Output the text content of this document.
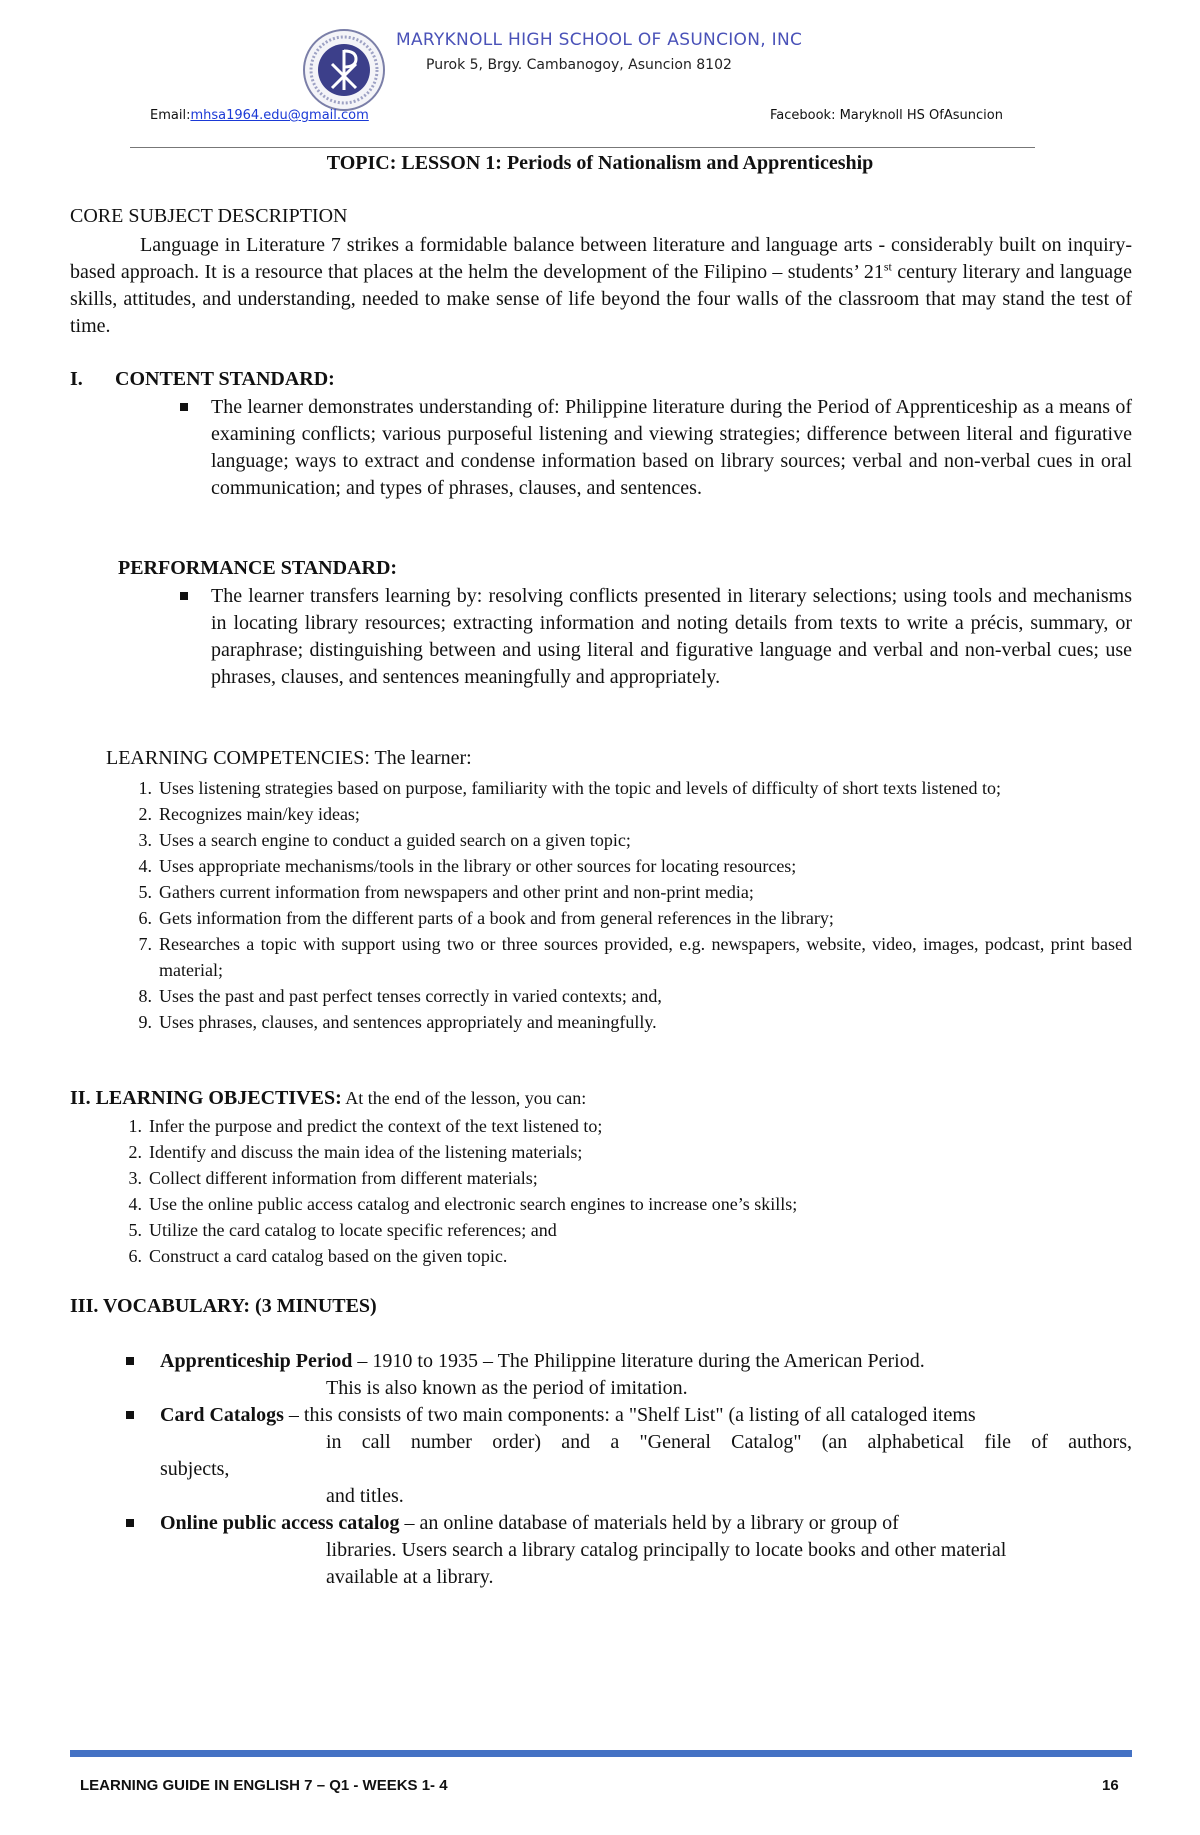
MARYKNOLL HIGH SCHOOL OF ASUNCION, INC
Purok 5, Brgy. Cambanogoy, Asuncion 8102
Email:mhsa1964.edu@gmail.com	Facebook: Maryknoll HS OfAsuncion
TOPIC: LESSON 1: Periods of Nationalism and Apprenticeship
CORE SUBJECT DESCRIPTION
Language in Literature 7 strikes a formidable balance between literature and language arts - considerably built on inquiry-based approach. It is a resource that places at the helm the development of the Filipino – students’ 21st century literary and language skills, attitudes, and understanding, needed to make sense of life beyond the four walls of the classroom that may stand the test of time.
I. CONTENT STANDARD:
The learner demonstrates understanding of: Philippine literature during the Period of Apprenticeship as a means of examining conflicts; various purposeful listening and viewing strategies; difference between literal and figurative language; ways to extract and condense information based on library sources; verbal and non-verbal cues in oral communication; and types of phrases, clauses, and sentences.
PERFORMANCE STANDARD:
The learner transfers learning by: resolving conflicts presented in literary selections; using tools and mechanisms in locating library resources; extracting information and noting details from texts to write a précis, summary, or paraphrase; distinguishing between and using literal and figurative language and verbal and non-verbal cues; use phrases, clauses, and sentences meaningfully and appropriately.
LEARNING COMPETENCIES: The learner:
1. Uses listening strategies based on purpose, familiarity with the topic and levels of difficulty of short texts listened to;
2. Recognizes main/key ideas;
3. Uses a search engine to conduct a guided search on a given topic;
4. Uses appropriate mechanisms/tools in the library or other sources for locating resources;
5. Gathers current information from newspapers and other print and non-print media;
6. Gets information from the different parts of a book and from general references in the library;
7. Researches a topic with support using two or three sources provided, e.g. newspapers, website, video, images, podcast, print based material;
8. Uses the past and past perfect tenses correctly in varied contexts; and,
9. Uses phrases, clauses, and sentences appropriately and meaningfully.
II. LEARNING OBJECTIVES: At the end of the lesson, you can:
1. Infer the purpose and predict the context of the text listened to;
2. Identify and discuss the main idea of the listening materials;
3. Collect different information from different materials;
4. Use the online public access catalog and electronic search engines to increase one’s skills;
5. Utilize the card catalog to locate specific references; and
6. Construct a card catalog based on the given topic.
III. VOCABULARY: (3 MINUTES)
Apprenticeship Period – 1910 to 1935 – The Philippine literature during the American Period.
This is also known as the period of imitation.
Card Catalogs – this consists of two main components: a "Shelf List" (a listing of all cataloged items
in call number order) and a "General Catalog" (an alphabetical file of authors,
subjects,
and titles.
Online public access catalog – an online database of materials held by a library or group of
libraries. Users search a library catalog principally to locate books and other material
available at a library.
LEARNING GUIDE IN ENGLISH 7 – Q1 - WEEKS 1- 4	16
